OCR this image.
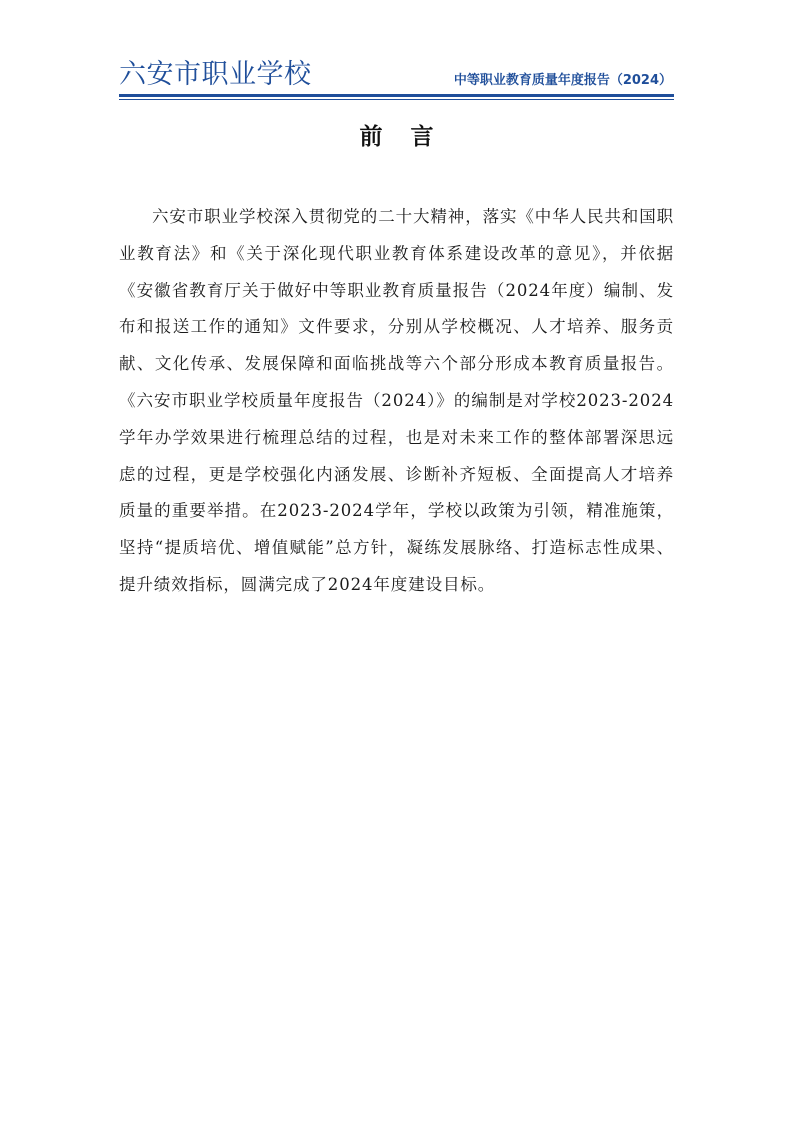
六安市职业学校	中等职业教育质量年度报告（2024）
前 言

六安市职业学校深入贯彻党的二十大精神，落实《中华人民共和国职业教育法》和《关于深化现代职业教育体系建设改革的意见》，并依据《安徽省教育厅关于做好中等职业教育质量报告（2024年度）编制、发布和报送工作的通知》文件要求，分别从学校概况、人才培养、服务贡献、文化传承、发展保障和面临挑战等六个部分形成本教育质量报告。《六安市职业学校质量年度报告（2024）》的编制是对学校2023-2024学年办学效果进行梳理总结的过程，也是对未来工作的整体部署深思远虑的过程，更是学校强化内涵发展、诊断补齐短板、全面提高人才培养质量的重要举措。在2023-2024学年，学校以政策为引领，精准施策，坚持“提质培优、增值赋能”总方针，凝练发展脉络、打造标志性成果、提升绩效指标，圆满完成了2024年度建设目标。
